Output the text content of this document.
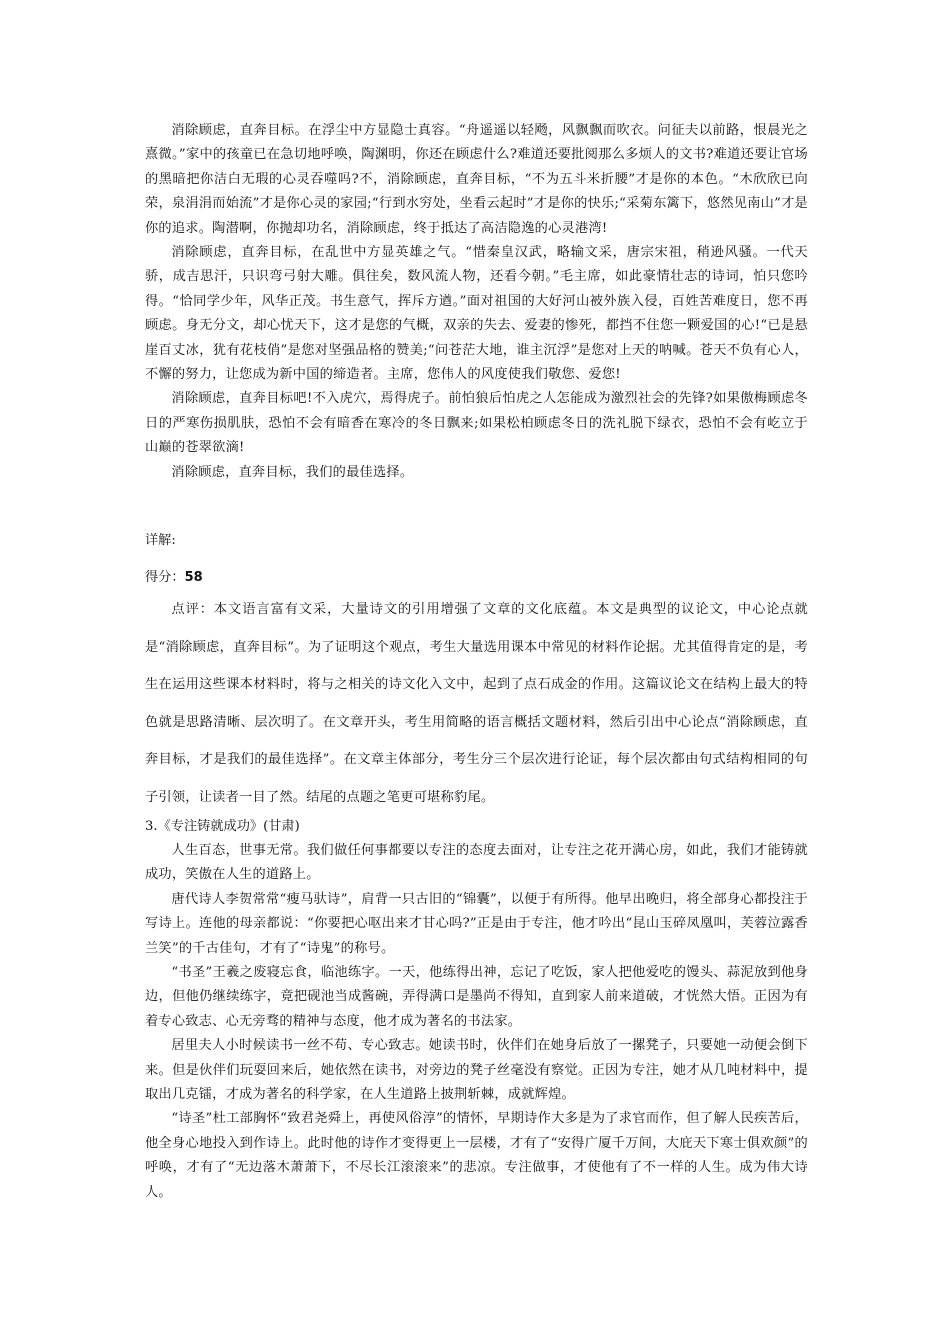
消除顾虑，直奔目标。在浮尘中方显隐士真容。“舟遥遥以轻飏，风飘飘而吹衣。问征夫以前路，恨晨光之熹微。”家中的孩童已在急切地呼唤，陶渊明，你还在顾虑什么?难道还要批阅那么多烦人的文书?难道还要让官场的黑暗把你洁白无瑕的心灵吞噬吗?不，消除顾虑，直奔目标，“不为五斗米折腰”才是你的本色。“木欣欣已向荣，泉涓涓而始流”才是你心灵的家园;“行到水穷处，坐看云起时”才是你的快乐;“采菊东篱下，悠然见南山”才是你的追求。陶潜啊，你抛却功名，消除顾虑，终于抵达了高洁隐逸的心灵港湾!

消除顾虑，直奔目标，在乱世中方显英雄之气。“惜秦皇汉武，略输文采，唐宗宋祖，稍逊风骚。一代天骄，成吉思汗，只识弯弓射大雕。俱往矣，数风流人物，还看今朝。”毛主席，如此豪情壮志的诗词，怕只您吟得。“恰同学少年，风华正茂。书生意气，挥斥方遒。”面对祖国的大好河山被外族入侵，百姓苦难度日，您不再顾虑。身无分文，却心忧天下，这才是您的气概，双亲的失去、爱妻的惨死，都挡不住您一颗爱国的心!“已是悬崖百丈冰，犹有花枝俏”是您对坚强品格的赞美;“问苍茫大地，谁主沉浮”是您对上天的呐喊。苍天不负有心人，不懈的努力，让您成为新中国的缔造者。主席，您伟人的风度使我们敬您、爱您!

消除顾虑，直奔目标吧!不入虎穴，焉得虎子。前怕狼后怕虎之人怎能成为激烈社会的先锋?如果傲梅顾虑冬日的严寒伤损肌肤，恐怕不会有暗香在寒冷的冬日飘来;如果松柏顾虑冬日的洗礼脱下绿衣，恐怕不会有屹立于山巅的苍翠欲滴!

消除顾虑，直奔目标，我们的最佳选择。

详解:

得分：58

点评：本文语言富有文采，大量诗文的引用增强了文章的文化底蕴。本文是典型的议论文，中心论点就是“消除顾虑，直奔目标”。为了证明这个观点，考生大量选用课本中常见的材料作论据。尤其值得肯定的是，考生在运用这些课本材料时，将与之相关的诗文化入文中，起到了点石成金的作用。这篇议论文在结构上最大的特色就是思路清晰、层次明了。在文章开头，考生用简略的语言概括文题材料，然后引出中心论点“消除顾虑，直奔目标，才是我们的最佳选择”。在文章主体部分，考生分三个层次进行论证，每个层次都由句式结构相同的句子引领，让读者一目了然。结尾的点题之笔更可堪称豹尾。

3.《专注铸就成功》(甘肃)

人生百态，世事无常。我们做任何事都要以专注的态度去面对，让专注之花开满心房，如此，我们才能铸就成功，笑傲在人生的道路上。

唐代诗人李贺常常“瘦马驮诗”，肩背一只古旧的“锦囊”，以便于有所得。他早出晚归，将全部身心都投注于写诗上。连他的母亲都说：“你要把心呕出来才甘心吗?”正是由于专注，他才吟出“昆山玉碎凤凰叫，芙蓉泣露香兰笑”的千古佳句，才有了“诗鬼”的称号。

“书圣”王羲之废寝忘食，临池练字。一天，他练得出神，忘记了吃饭，家人把他爱吃的馒头、蒜泥放到他身边，但他仍继续练字，竟把砚池当成酱碗，弄得满口是墨尚不得知，直到家人前来道破，才恍然大悟。正因为有着专心致志、心无旁骛的精神与态度，他才成为著名的书法家。

居里夫人小时候读书一丝不苟、专心致志。她读书时，伙伴们在她身后放了一摞凳子，只要她一动便会倒下来。但是伙伴们玩耍回来后，她依然在读书，对旁边的凳子丝毫没有察觉。正因为专注，她才从几吨材料中，提取出几克镭，才成为著名的科学家，在人生道路上披荆斩棘，成就辉煌。

“诗圣”杜工部胸怀“致君尧舜上，再使风俗淳”的情怀，早期诗作大多是为了求官而作，但了解人民疾苦后，他全身心地投入到作诗上。此时他的诗作才变得更上一层楼，才有了“安得广厦千万间，大庇天下寒士俱欢颜”的呼唤，才有了“无边落木萧萧下，不尽长江滚滚来”的悲凉。专注做事，才使他有了不一样的人生。成为伟大诗人。
